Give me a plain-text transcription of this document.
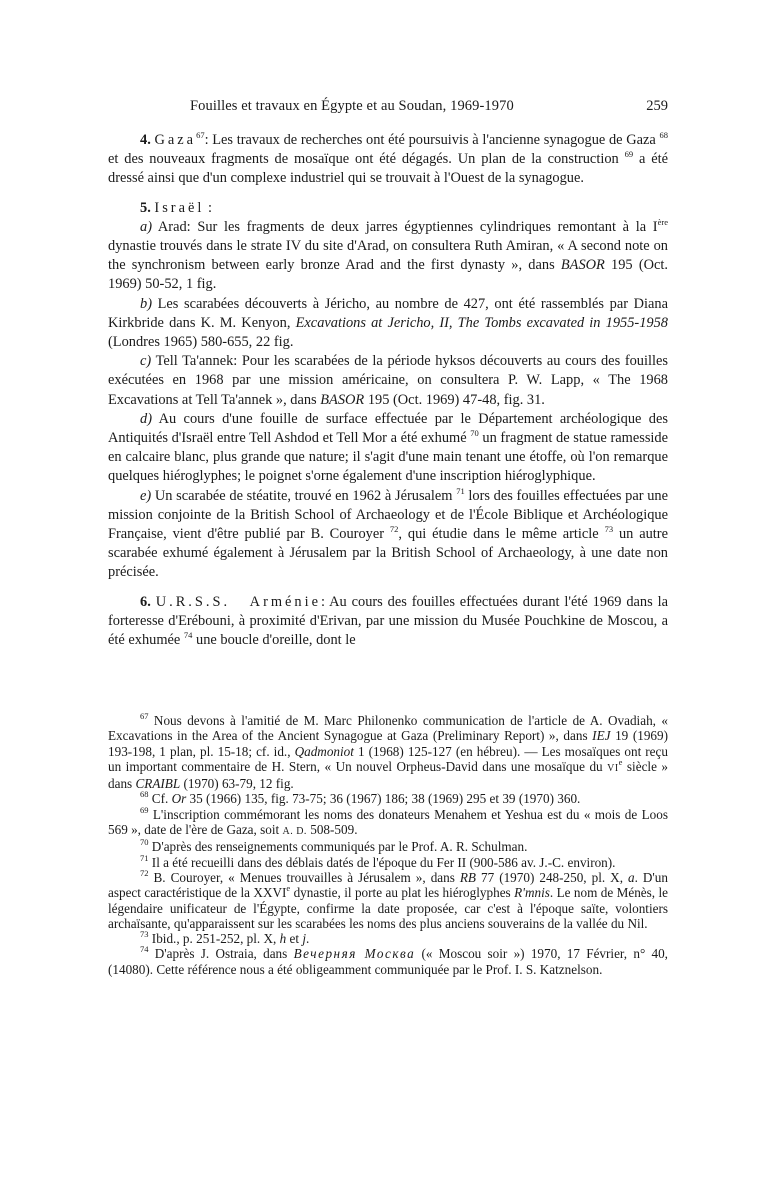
Fouilles et travaux en Égypte et au Soudan, 1969-1970	259

4. Gaza$^{67}$: Les travaux de recherches ont été poursuivis à l'ancienne synagogue de Gaza $^{68}$ et des nouveaux fragments de mosaïque ont été dégagés. Un plan de la construction $^{69}$ a été dressé ainsi que d'un complexe industriel qui se trouvait à l'Ouest de la synagogue.

5. Israël :

a) Arad: Sur les fragments de deux jarres égyptiennes cylindriques remontant à la Ière dynastie trouvés dans le strate IV du site d'Arad, on consultera Ruth Amiran, « A second note on the synchronism between early bronze Arad and the first dynasty », dans BASOR 195 (Oct. 1969) 50-52, 1 fig.

b) Les scarabées découverts à Jéricho, au nombre de 427, ont été rassemblés par Diana Kirkbride dans K. M. Kenyon, Excavations at Jericho, II, The Tombs excavated in 1955-1958 (Londres 1965) 580-655, 22 fig.

c) Tell Ta'annek: Pour les scarabées de la période hyksos découverts au cours des fouilles exécutées en 1968 par une mission américaine, on consultera P. W. Lapp, « The 1968 Excavations at Tell Ta'annek », dans BASOR 195 (Oct. 1969) 47-48, fig. 31.

d) Au cours d'une fouille de surface effectuée par le Département archéologique des Antiquités d'Israël entre Tell Ashdod et Tell Mor a été exhumé $^{70}$ un fragment de statue ramesside en calcaire blanc, plus grande que nature; il s'agit d'une main tenant une étoffe, où l'on remarque quelques hiéroglyphes; le poignet s'orne également d'une inscription hiéroglyphique.

e) Un scarabée de stéatite, trouvé en 1962 à Jérusalem $^{71}$ lors des fouilles effectuées par une mission conjointe de la British School of Archaeology et de l'École Biblique et Archéologique Française, vient d'être publié par B. Couroyer $^{72}$, qui étudie dans le même article $^{73}$ un autre scarabée exhumé également à Jérusalem par la British School of Archaeology, à une date non précisée.

6. U.R.S.S. Arménie: Au cours des fouilles effectuées durant l'été 1969 dans la forteresse d'Erébouni, à proximité d'Erivan, par une mission du Musée Pouchkine de Moscou, a été exhumée $^{74}$ une boucle d'oreille, dont le

$^{67}$ Nous devons à l'amitié de M. Marc Philonenko communication de l'article de A. Ovadiah, « Excavations in the Area of the Ancient Synagogue at Gaza (Preliminary Report) », dans IEJ 19 (1969) 193-198, 1 plan, pl. 15-18; cf. id., Qadmoniot 1 (1968) 125-127 (en hébreu). — Les mosaïques ont reçu un important commentaire de H. Stern, « Un nouvel Orpheus-David dans une mosaïque du VIe siècle » dans CRAIBL (1970) 63-79, 12 fig.

$^{68}$ Cf. Or 35 (1966) 135, fig. 73-75; 36 (1967) 186; 38 (1969) 295 et 39 (1970) 360.

$^{69}$ L'inscription commémorant les noms des donateurs Menahem et Yeshua est du « mois de Loos 569 », date de l'ère de Gaza, soit A. D. 508-509.

$^{70}$ D'après des renseignements communiqués par le Prof. A. R. Schulman.

$^{71}$ Il a été recueilli dans des déblais datés de l'époque du Fer II (900-586 av. J.-C. environ).

$^{72}$ B. Couroyer, « Menues trouvailles à Jérusalem », dans RB 77 (1970) 248-250, pl. X, a. D'un aspect caractéristique de la XXVIe dynastie, il porte au plat les hiéroglyphes R'mnis. Le nom de Ménès, le légendaire unificateur de l'Égypte, confirme la date proposée, car c'est à l'époque saïte, volontiers archaïsante, qu'apparaissent sur les scarabées les noms des plus anciens souverains de la vallée du Nil.

$^{73}$ Ibid., p. 251-252, pl. X, h et j.

$^{74}$ D'après J. Ostraia, dans Вечерняя Москва (« Moscou soir ») 1970, 17 Février, n° 40, (14080). Cette référence nous a été obligeamment communiquée par le Prof. I. S. Katznelson.
